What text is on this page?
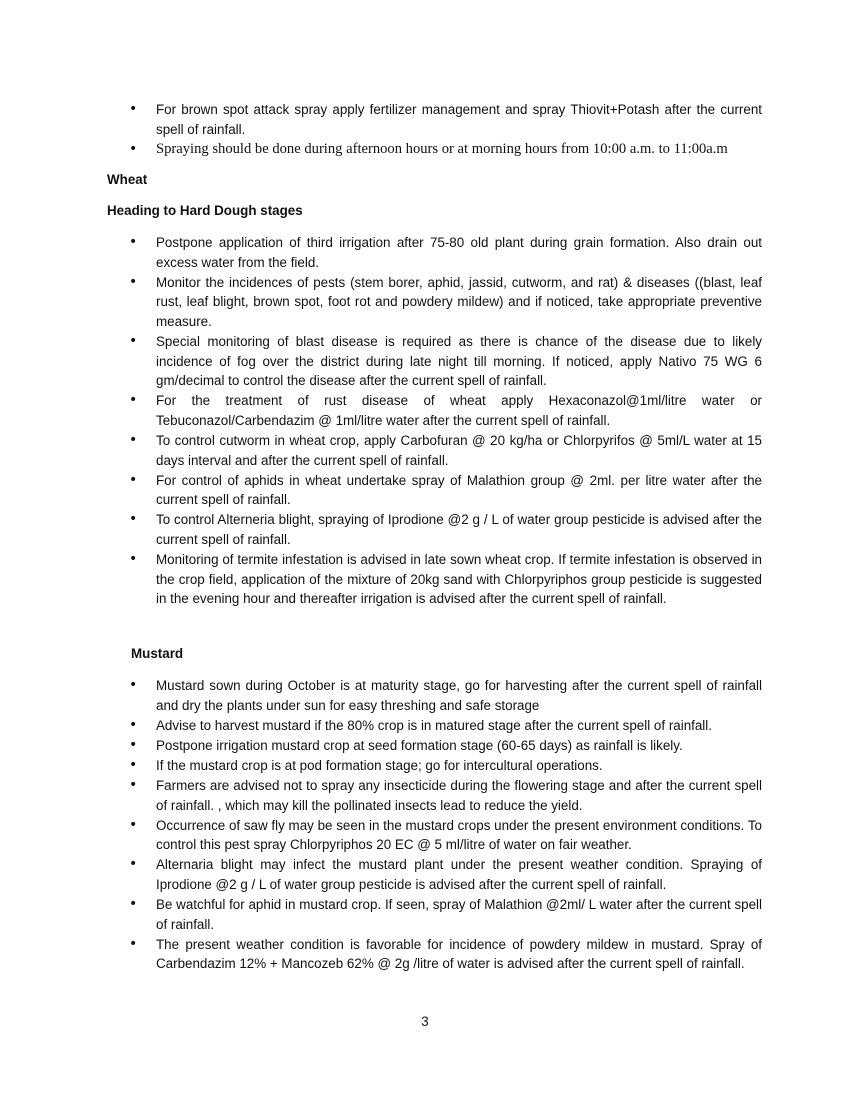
• For brown spot attack spray apply fertilizer management and spray Thiovit+Potash after the current spell of rainfall.
• Spraying should be done during afternoon hours or at morning hours from 10:00 a.m. to 11:00a.m
Wheat
Heading to Hard Dough stages
• Postpone application of third irrigation after 75-80 old plant during grain formation. Also drain out excess water from the field.
• Monitor the incidences of pests (stem borer, aphid, jassid, cutworm, and rat) & diseases ((blast, leaf rust, leaf blight, brown spot, foot rot and powdery mildew) and if noticed, take appropriate preventive measure.
• Special monitoring of blast disease is required as there is chance of the disease due to likely incidence of fog over the district during late night till morning. If noticed, apply Nativo 75 WG 6 gm/decimal to control the disease after the current spell of rainfall.
• For the treatment of rust disease of wheat apply Hexaconazol@1ml/litre water or Tebuconazol/Carbendazim @ 1ml/litre water after the current spell of rainfall.
• To control cutworm in wheat crop, apply Carbofuran @ 20 kg/ha or Chlorpyrifos @ 5ml/L water at 15 days interval and after the current spell of rainfall.
• For control of aphids in wheat undertake spray of Malathion group @ 2ml. per litre water after the current spell of rainfall.
• To control Alterneria blight, spraying of Iprodione @2 g / L of water group pesticide is advised after the current spell of rainfall.
• Monitoring of termite infestation is advised in late sown wheat crop. If termite infestation is observed in the crop field, application of the mixture of 20kg sand with Chlorpyriphos group pesticide is suggested in the evening hour and thereafter irrigation is advised after the current spell of rainfall.
Mustard
• Mustard sown during October is at maturity stage, go for harvesting after the current spell of rainfall and dry the plants under sun for easy threshing and safe storage
• Advise to harvest mustard if the 80% crop is in matured stage after the current spell of rainfall.
• Postpone irrigation mustard crop at seed formation stage (60-65 days) as rainfall is likely.
• If the mustard crop is at pod formation stage; go for intercultural operations.
• Farmers are advised not to spray any insecticide during the flowering stage and after the current spell of rainfall. , which may kill the pollinated insects lead to reduce the yield.
• Occurrence of saw fly may be seen in the mustard crops under the present environment conditions. To control this pest spray Chlorpyriphos 20 EC @ 5 ml/litre of water on fair weather.
• Alternaria blight may infect the mustard plant under the present weather condition. Spraying of Iprodione @2 g / L of water group pesticide is advised after the current spell of rainfall.
• Be watchful for aphid in mustard crop. If seen, spray of Malathion @2ml/ L water after the current spell of rainfall.
• The present weather condition is favorable for incidence of powdery mildew in mustard. Spray of Carbendazim 12% + Mancozeb 62% @ 2g /litre of water is advised after the current spell of rainfall.
3
